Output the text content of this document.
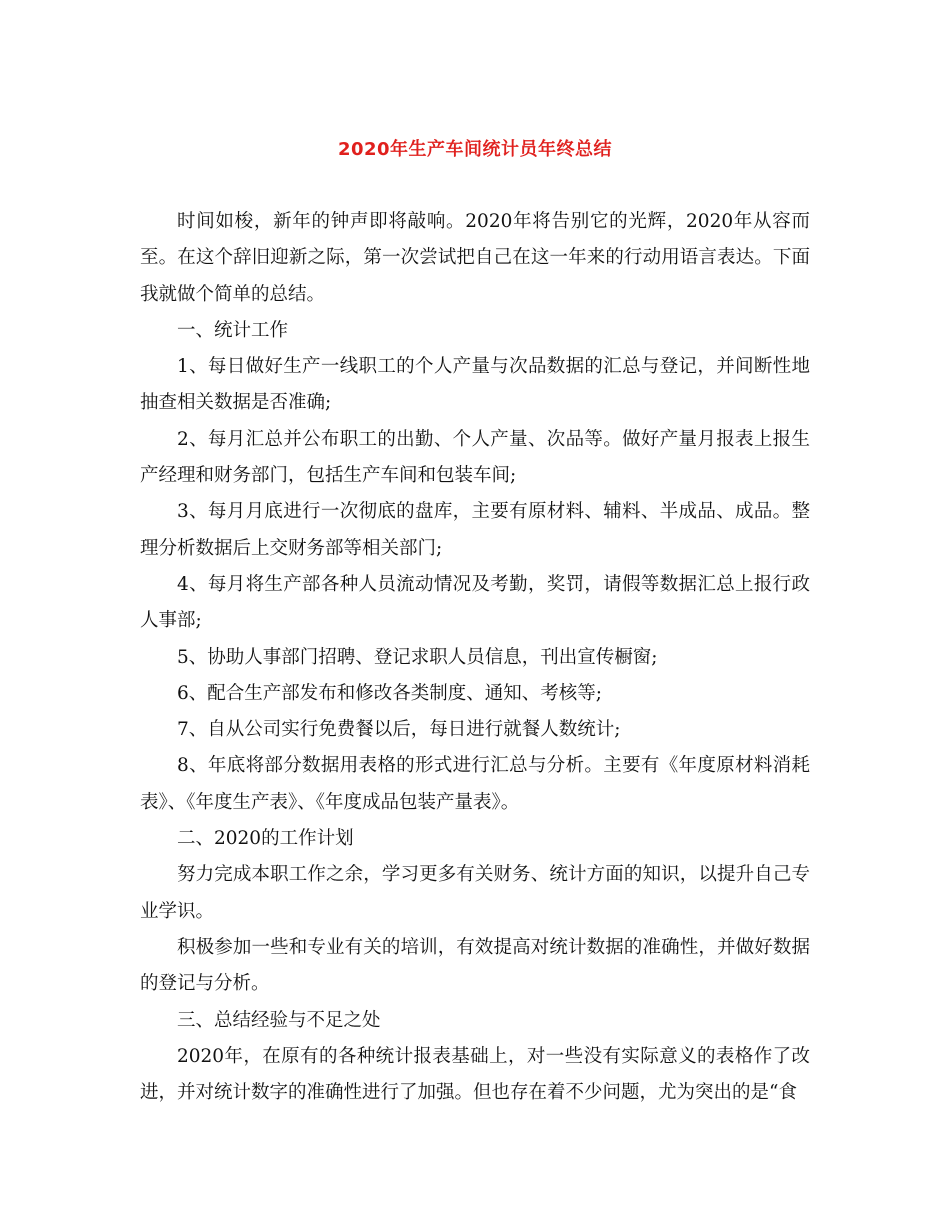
2020年生产车间统计员年终总结

时间如梭，新年的钟声即将敲响。2020年将告别它的光辉，2020年从容而至。在这个辞旧迎新之际，第一次尝试把自己在这一年来的行动用语言表达。下面我就做个简单的总结。

一、统计工作

1、每日做好生产一线职工的个人产量与次品数据的汇总与登记，并间断性地抽查相关数据是否准确;

2、每月汇总并公布职工的出勤、个人产量、次品等。做好产量月报表上报生产经理和财务部门，包括生产车间和包装车间;

3、每月月底进行一次彻底的盘库，主要有原材料、辅料、半成品、成品。整理分析数据后上交财务部等相关部门;

4、每月将生产部各种人员流动情况及考勤，奖罚，请假等数据汇总上报行政人事部;

5、协助人事部门招聘、登记求职人员信息，刊出宣传橱窗;

6、配合生产部发布和修改各类制度、通知、考核等;

7、自从公司实行免费餐以后，每日进行就餐人数统计;

8、年底将部分数据用表格的形式进行汇总与分析。主要有《年度原材料消耗表》、《年度生产表》、《年度成品包装产量表》。

二、2020的工作计划

努力完成本职工作之余，学习更多有关财务、统计方面的知识，以提升自己专业学识。

积极参加一些和专业有关的培训，有效提高对统计数据的准确性，并做好数据的登记与分析。

三、总结经验与不足之处

2020年，在原有的各种统计报表基础上，对一些没有实际意义的表格作了改进，并对统计数字的准确性进行了加强。但也存在着不少问题，尤为突出的是“食
